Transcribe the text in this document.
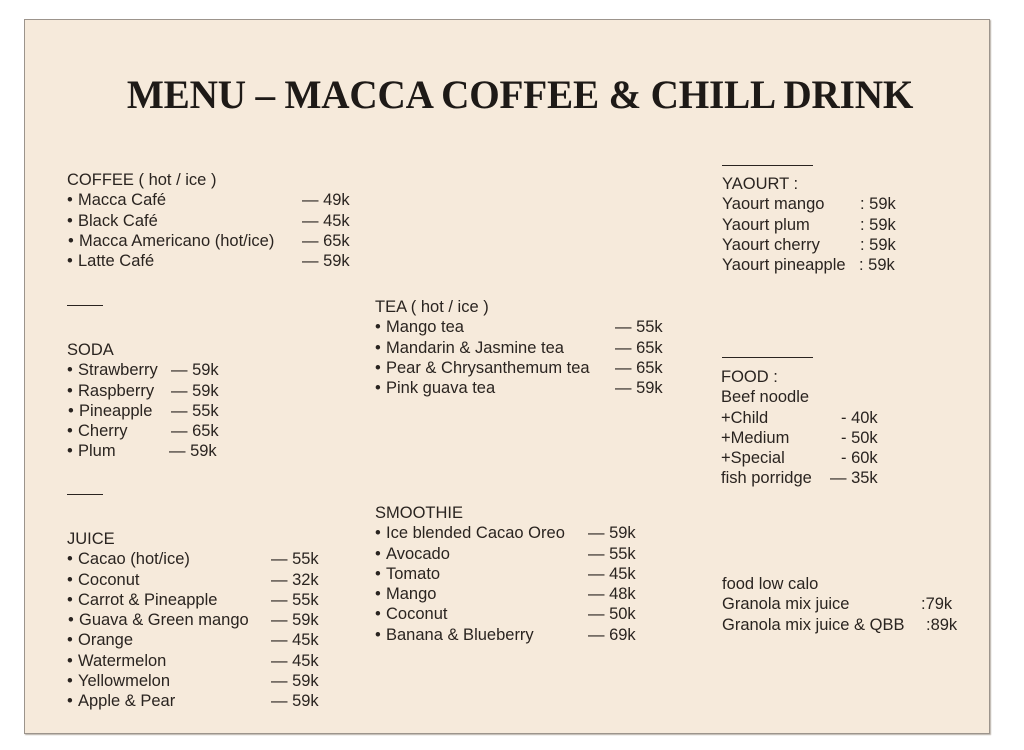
MENU – MACCA COFFEE & CHILL DRINK
COFFEE ( hot / ice )
• Macca Café	— 49k
• Black Café	— 45k
• Macca Americano (hot/ice) — 65k
• Latte Café	— 59k
SODA
• Strawberry — 59k
• Raspberry — 59k
• Pineapple — 55k
• Cherry	— 65k
• Plum	— 59k
JUICE
• Cacao (hot/ice)	— 55k
• Coconut	— 32k
• Carrot & Pineapple	— 55k
• Guava & Green mango — 59k
• Orange	— 45k
• Watermelon	— 45k
• Yellowmelon	— 59k
• Apple & Pear	— 59k
TEA ( hot / ice )
• Mango tea	— 55k
• Mandarin & Jasmine tea	— 65k
• Pear & Chrysanthemum tea — 65k
• Pink guava tea	— 59k
SMOOTHIE
• Ice blended Cacao Oreo — 59k
• Avocado	— 55k
• Tomato	— 45k
• Mango	— 48k
• Coconut	— 50k
• Banana & Blueberry	— 69k
YAOURT :
Yaourt mango : 59k
Yaourt plum	: 59k
Yaourt cherry : 59k
Yaourt pineapple : 59k
FOOD :
Beef noodle
+Child	- 40k
+Medium	- 50k
+Special	- 60k
fish porridge — 35k
food low calo
Granola mix juice	:79k
Granola mix juice & QBB :89k
